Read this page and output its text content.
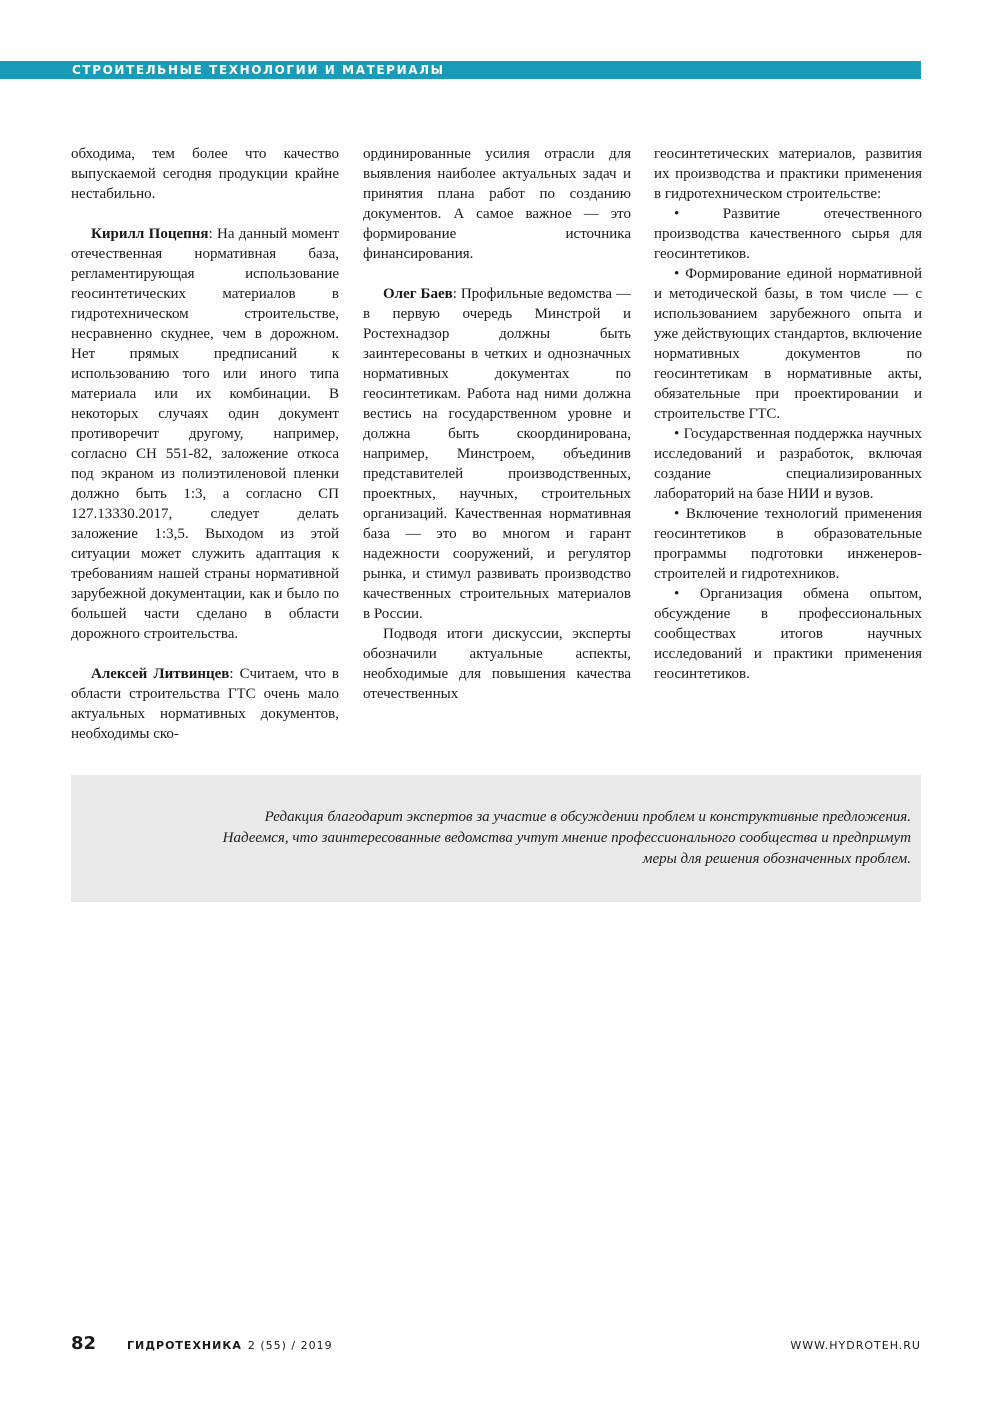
СТРОИТЕЛЬНЫЕ ТЕХНОЛОГИИ И МАТЕРИАЛЫ

обходима, тем более что качество выпускаемой сегодня продукции крайне нестабильно.

Кирилл Поцепня: На данный момент отечественная нормативная база, регламентирующая использование геосинтетических материалов в гидротехническом строительстве, несравненно скуднее, чем в дорожном. Нет прямых предписаний к использованию того или иного типа материала или их комбинации. В некоторых случаях один документ противоречит другому, например, согласно СН 551-82, заложение откоса под экраном из полиэтиленовой пленки должно быть 1:3, а согласно СП 127.13330.2017, следует делать заложение 1:3,5. Выходом из этой ситуации может служить адаптация к требованиям нашей страны нормативной зарубежной документации, как и было по большей части сделано в области дорожного строительства.

Алексей Литвинцев: Считаем, что в области строительства ГТС очень мало актуальных нормативных документов, необходимы ско-

ординированные усилия отрасли для выявления наиболее актуальных задач и принятия плана работ по созданию документов. А самое важное — это формирование источника финансирования.

Олег Баев: Профильные ведомства — в первую очередь Минстрой и Ростехнадзор должны быть заинтересованы в четких и однозначных нормативных документах по геосинтетикам. Работа над ними должна вестись на государственном уровне и должна быть скоординирована, например, Минстроем, объединив представителей производственных, проектных, научных, строительных организаций. Качественная нормативная база — это во многом и гарант надежности сооружений, и регулятор рынка, и стимул развивать производство качественных строительных материалов в России.

Подводя итоги дискуссии, эксперты обозначили актуальные аспекты, необходимые для повышения качества отечественных

геосинтетических материалов, развития их производства и практики применения в гидротехническом строительстве:

• Развитие отечественного производства качественного сырья для геосинтетиков.

• Формирование единой нормативной и методической базы, в том числе — с использованием зарубежного опыта и уже действующих стандартов, включение нормативных документов по геосинтетикам в нормативные акты, обязательные при проектировании и строительстве ГТС.

• Государственная поддержка научных исследований и разработок, включая создание специализированных лабораторий на базе НИИ и вузов.

• Включение технологий применения геосинтетиков в образовательные программы подготовки инженеров-строителей и гидротехников.

• Организация обмена опытом, обсуждение в профессиональных сообществах итогов научных исследований и практики применения геосинтетиков.

Редакция благодарит экспертов за участие в обсуждении проблем и конструктивные предложения.
Надеемся, что заинтересованные ведомства учтут мнение профессионального сообщества и предпримут
меры для решения обозначенных проблем.
82	ГИДРОТЕХНИКА 2 (55) / 2019	WWW.HYDROTEH.RU
